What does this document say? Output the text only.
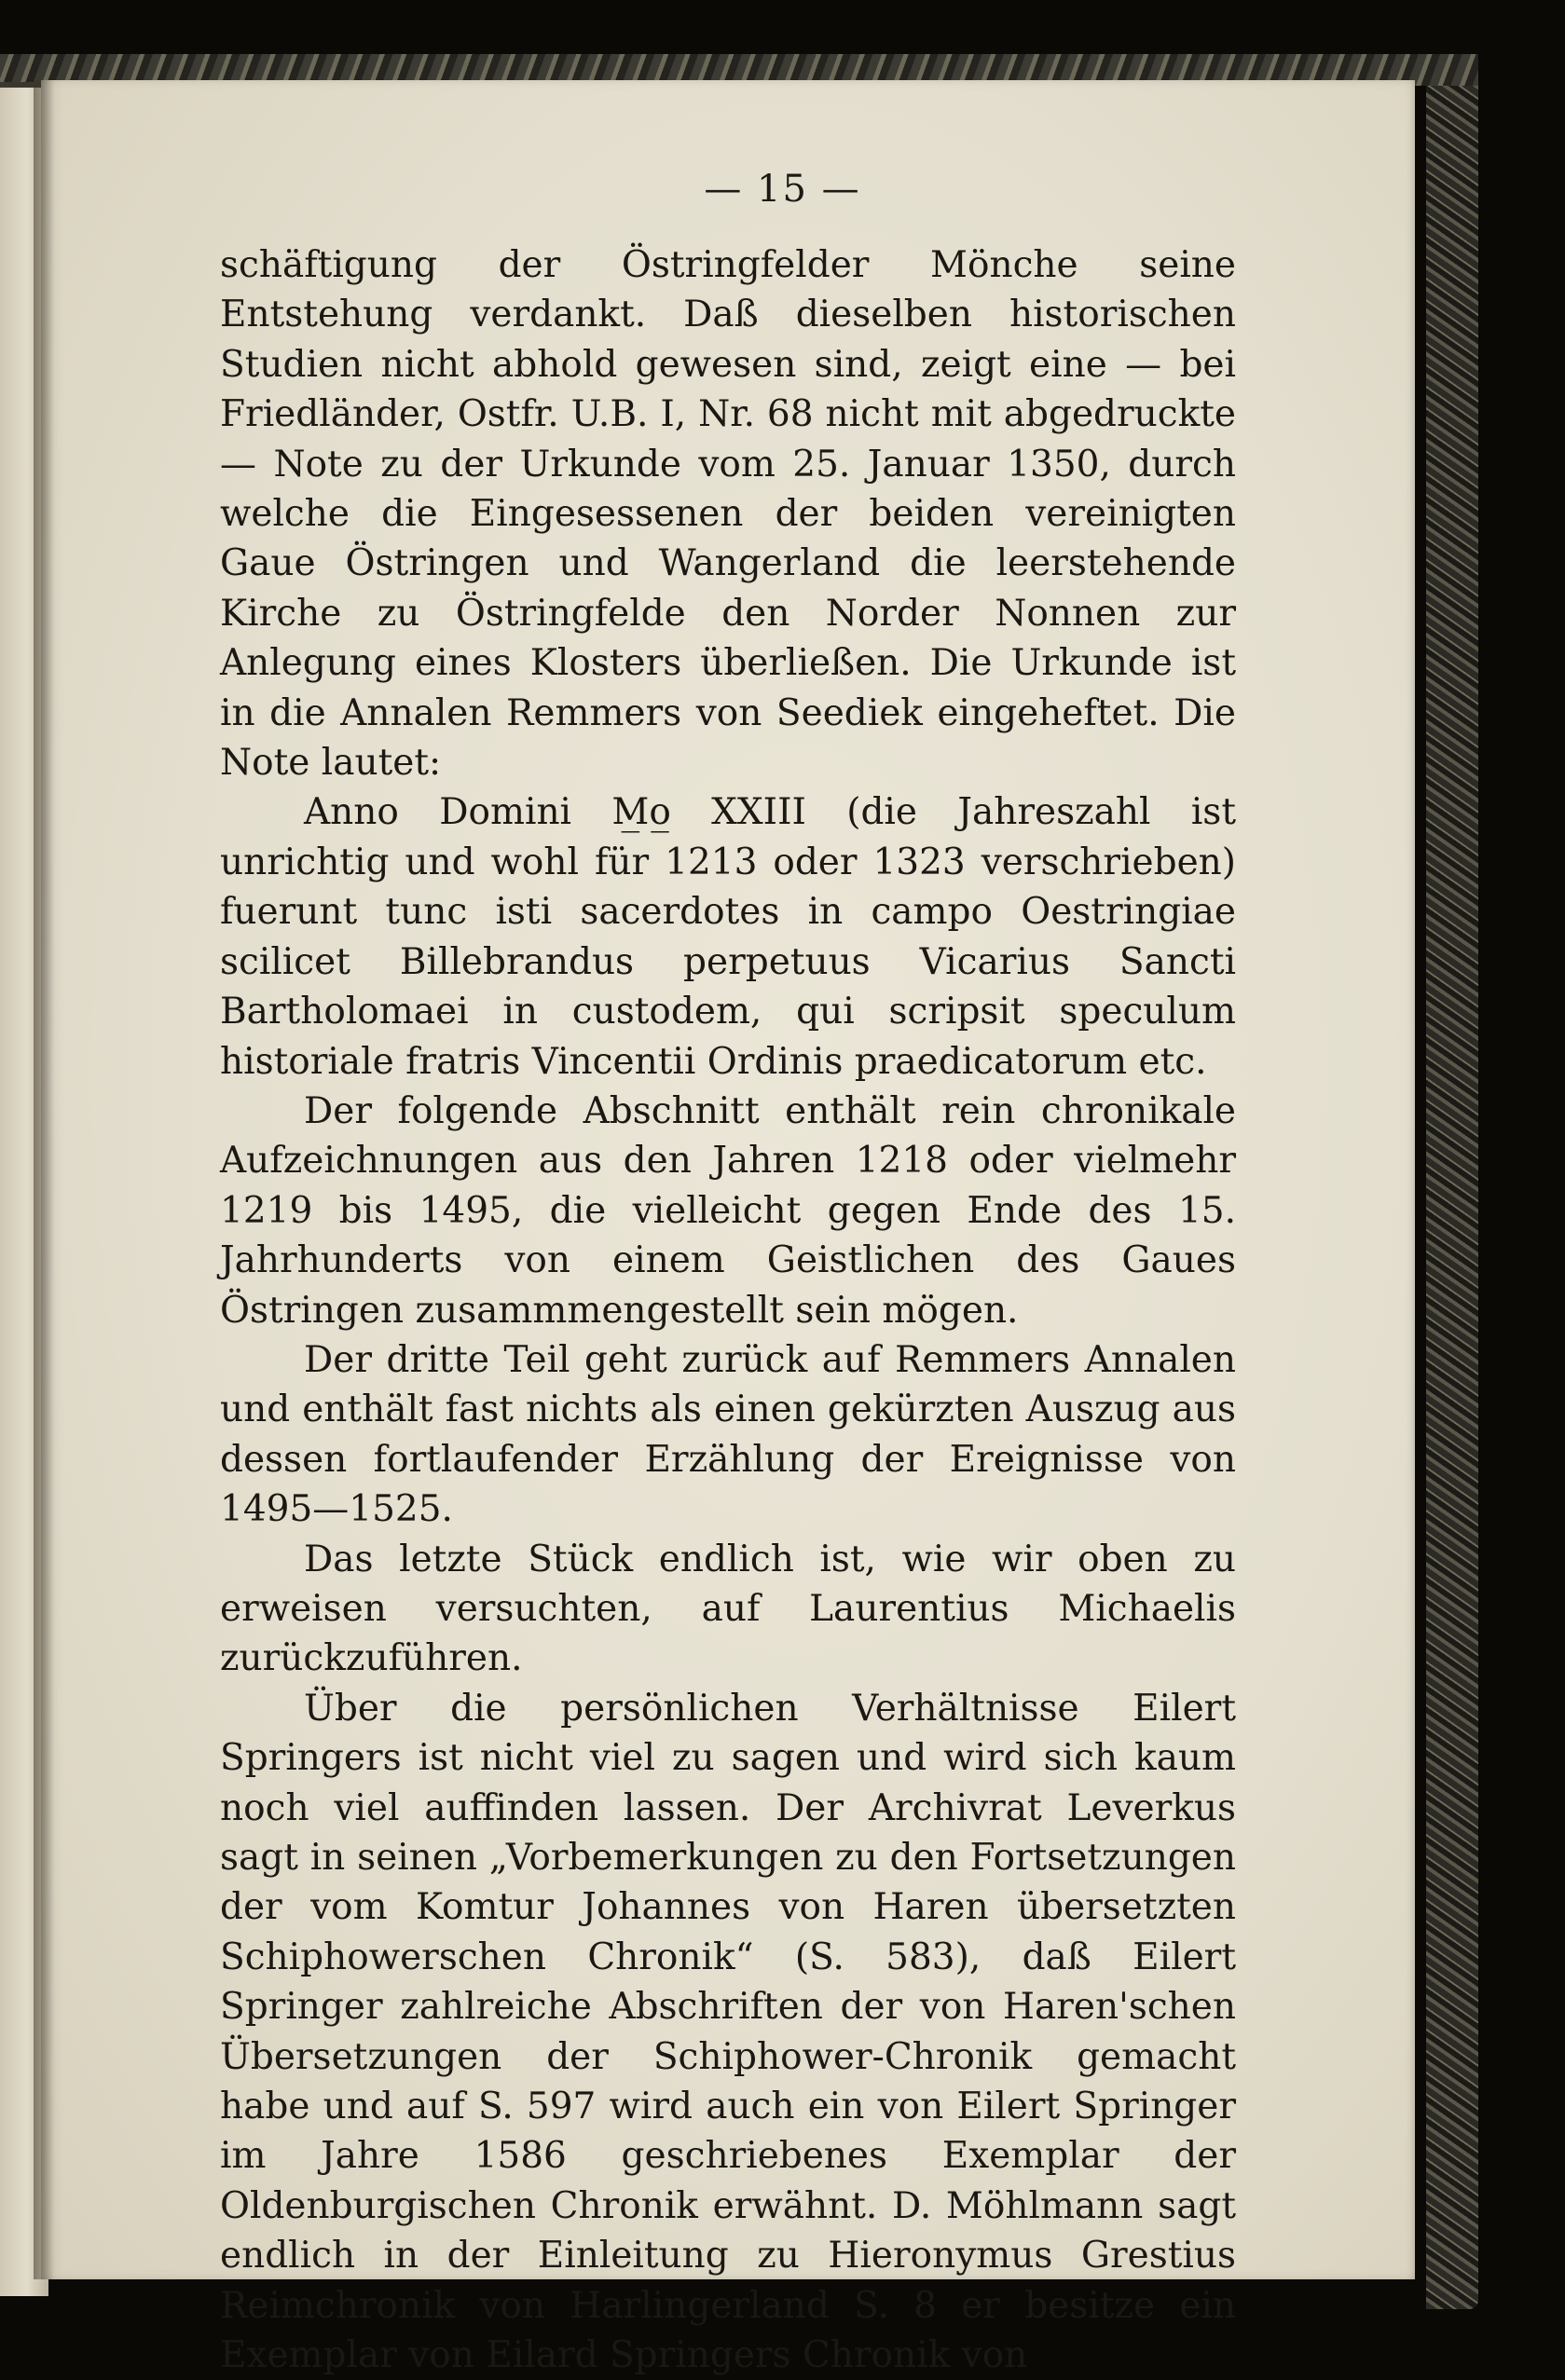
— 15 —

schäftigung der Östringfelder Mönche seine Entstehung verdankt. Daß dieselben historischen Studien nicht abhold gewesen sind, zeigt eine — bei Friedländer, Ostfr. U.B. I, Nr. 68 nicht mit abgedruckte — Note zu der Urkunde vom 25. Januar 1350, durch welche die Eingesessenen der beiden vereinigten Gaue Östringen und Wangerland die leerstehende Kirche zu Östringfelde den Norder Nonnen zur Anlegung eines Klosters überließen. Die Urkunde ist in die Annalen Remmers von Seediek eingeheftet. Die Note lautet:

Anno Domini M̲o̲ XXIII (die Jahreszahl ist unrichtig und wohl für 1213 oder 1323 verschrieben) fuerunt tunc isti sacerdotes in campo Oestringiae scilicet Billebrandus perpetuus Vicarius Sancti Bartholomaei in custodem, qui scripsit speculum historiale fratris Vincentii Ordinis praedicatorum etc.

Der folgende Abschnitt enthält rein chronikale Aufzeichnungen aus den Jahren 1218 oder vielmehr 1219 bis 1495, die vielleicht gegen Ende des 15. Jahrhunderts von einem Geistlichen des Gaues Östringen zusammmengestellt sein mögen.

Der dritte Teil geht zurück auf Remmers Annalen und enthält fast nichts als einen gekürzten Auszug aus dessen fortlaufender Erzählung der Ereignisse von 1495—1525.

Das letzte Stück endlich ist, wie wir oben zu erweisen versuchten, auf Laurentius Michaelis zurückzuführen.

Über die persönlichen Verhältnisse Eilert Springers ist nicht viel zu sagen und wird sich kaum noch viel auffinden lassen. Der Archivrat Leverkus sagt in seinen „Vorbemerkungen zu den Fortsetzungen der vom Komtur Johannes von Haren übersetzten Schiphowerschen Chronik“ (S. 583), daß Eilert Springer zahlreiche Abschriften der von Haren'schen Übersetzungen der Schiphower-Chronik gemacht habe und auf S. 597 wird auch ein von Eilert Springer im Jahre 1586 geschriebenes Exemplar der Oldenburgischen Chronik erwähnt. D. Möhlmann sagt endlich in der Einleitung zu Hieronymus Grestius Reimchronik von Harlingerland S. 8 er besitze ein Exemplar von Eilard Springers Chronik von
